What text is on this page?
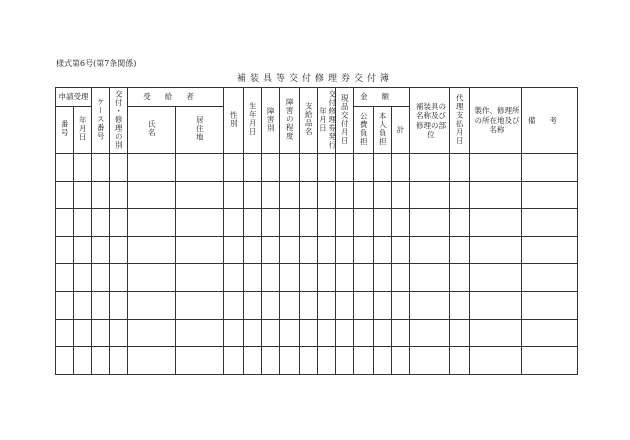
様式第6号(第7条関係)
補装具等交付修理券交付簿
申請受理		ケース番号	交付・修理の別	受給者		性別	生年月日	障害別	障害の程度	支給品名	交付修理券発行年月日	現品交付月日	金額			補装具の名称及び修理の部位	代理支払月日	製作、修理所の所在地及び名称	備考
番号	年月日			氏名	居住地								公費負担	本人負担	計				
